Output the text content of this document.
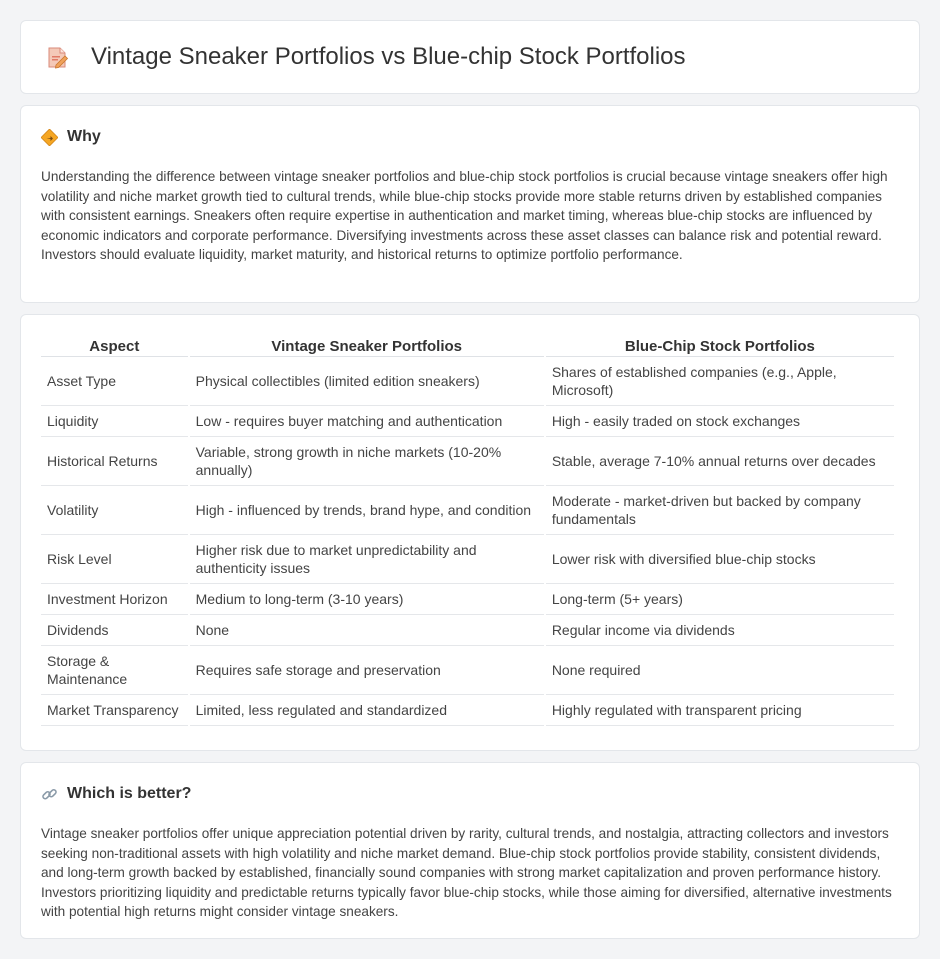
Vintage Sneaker Portfolios vs Blue-chip Stock Portfolios
Why

Understanding the difference between vintage sneaker portfolios and blue-chip stock portfolios is crucial because vintage sneakers offer high volatility and niche market growth tied to cultural trends, while blue-chip stocks provide more stable returns driven by established companies with consistent earnings. Sneakers often require expertise in authentication and market timing, whereas blue-chip stocks are influenced by economic indicators and corporate performance. Diversifying investments across these asset classes can balance risk and potential reward. Investors should evaluate liquidity, market maturity, and historical returns to optimize portfolio performance.

Aspect	Vintage Sneaker Portfolios	Blue-Chip Stock Portfolios
Asset Type	Physical collectibles (limited edition sneakers)	Shares of established companies (e.g., Apple, Microsoft)
Liquidity	Low - requires buyer matching and authentication	High - easily traded on stock exchanges
Historical Returns	Variable, strong growth in niche markets (10-20% annually)	Stable, average 7-10% annual returns over decades
Volatility	High - influenced by trends, brand hype, and condition	Moderate - market-driven but backed by company fundamentals
Risk Level	Higher risk due to market unpredictability and authenticity issues	Lower risk with diversified blue-chip stocks
Investment Horizon	Medium to long-term (3-10 years)	Long-term (5+ years)
Dividends	None	Regular income via dividends
Storage & Maintenance	Requires safe storage and preservation	None required
Market Transparency	Limited, less regulated and standardized	Highly regulated with transparent pricing
Which is better?

Vintage sneaker portfolios offer unique appreciation potential driven by rarity, cultural trends, and nostalgia, attracting collectors and investors seeking non-traditional assets with high volatility and niche market demand. Blue-chip stock portfolios provide stability, consistent dividends, and long-term growth backed by established, financially sound companies with strong market capitalization and proven performance history. Investors prioritizing liquidity and predictable returns typically favor blue-chip stocks, while those aiming for diversified, alternative investments with potential high returns might consider vintage sneakers.
